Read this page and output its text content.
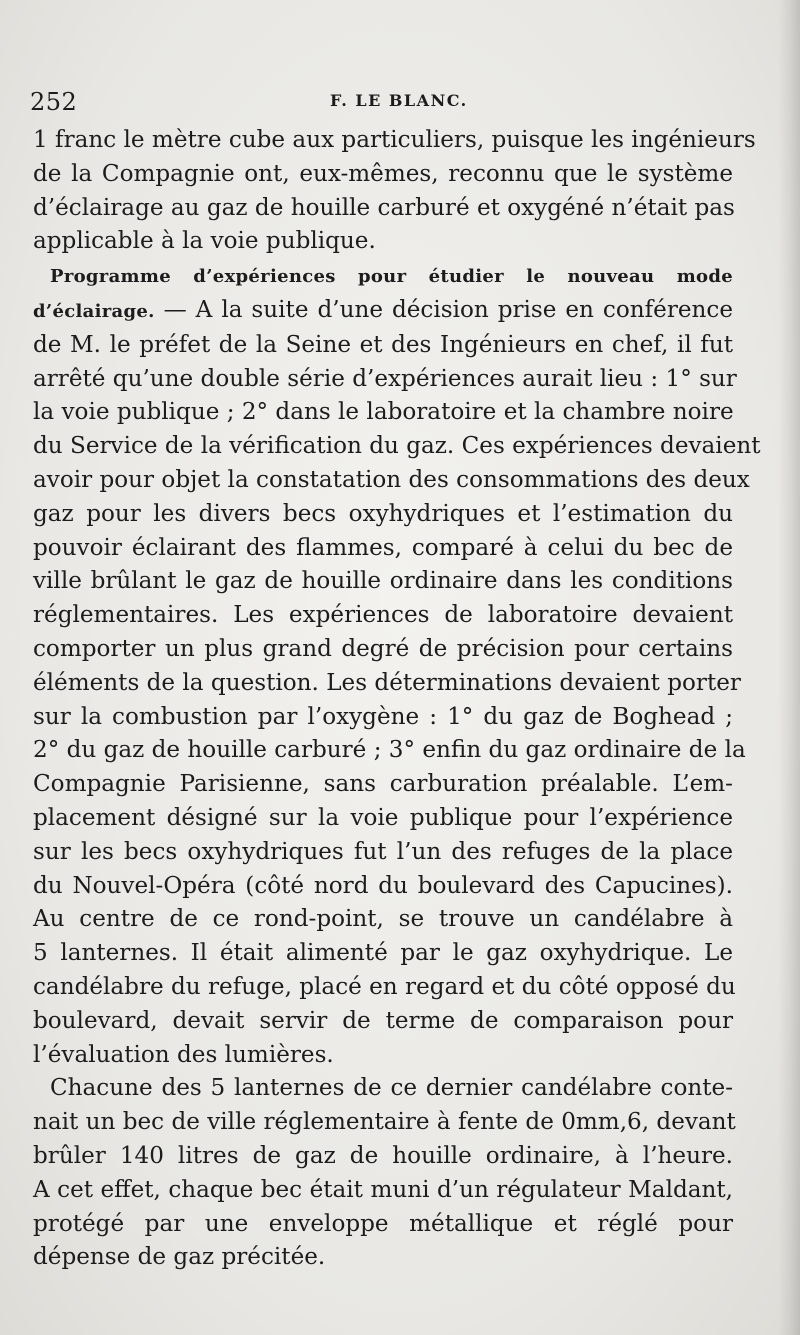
252	F. LE BLANC.
1 franc le mètre cube aux particuliers, puisque les ingénieurs
de la Compagnie ont, eux-mêmes, reconnu que le système
d’éclairage au gaz de houille carburé et oxygéné n’était pas
applicable à la voie publique.
Programme d’expériences pour étudier le nouveau mode
d’éclairage. — A la suite d’une décision prise en conférence
de M. le préfet de la Seine et des Ingénieurs en chef, il fut
arrêté qu’une double série d’expériences aurait lieu : 1° sur
la voie publique ; 2° dans le laboratoire et la chambre noire
du Service de la vérification du gaz. Ces expériences devaient
avoir pour objet la constatation des consommations des deux
gaz pour les divers becs oxyhydriques et l’estimation du
pouvoir éclairant des flammes, comparé à celui du bec de
ville brûlant le gaz de houille ordinaire dans les conditions
réglementaires. Les expériences de laboratoire devaient
comporter un plus grand degré de précision pour certains
éléments de la question. Les déterminations devaient porter
sur la combustion par l’oxygène : 1° du gaz de Boghead ;
2° du gaz de houille carburé ; 3° enfin du gaz ordinaire de la
Compagnie Parisienne, sans carburation préalable. L’em-
placement désigné sur la voie publique pour l’expérience
sur les becs oxyhydriques fut l’un des refuges de la place
du Nouvel-Opéra (côté nord du boulevard des Capucines).
Au centre de ce rond-point, se trouve un candélabre à
5 lanternes. Il était alimenté par le gaz oxyhydrique. Le
candélabre du refuge, placé en regard et du côté opposé du
boulevard, devait servir de terme de comparaison pour
l’évaluation des lumières.
Chacune des 5 lanternes de ce dernier candélabre conte-
nait un bec de ville réglementaire à fente de 0mm,6, devant
brûler 140 litres de gaz de houille ordinaire, à l’heure.
A cet effet, chaque bec était muni d’un régulateur Maldant,
protégé par une enveloppe métallique et réglé pour
dépense de gaz précitée.
